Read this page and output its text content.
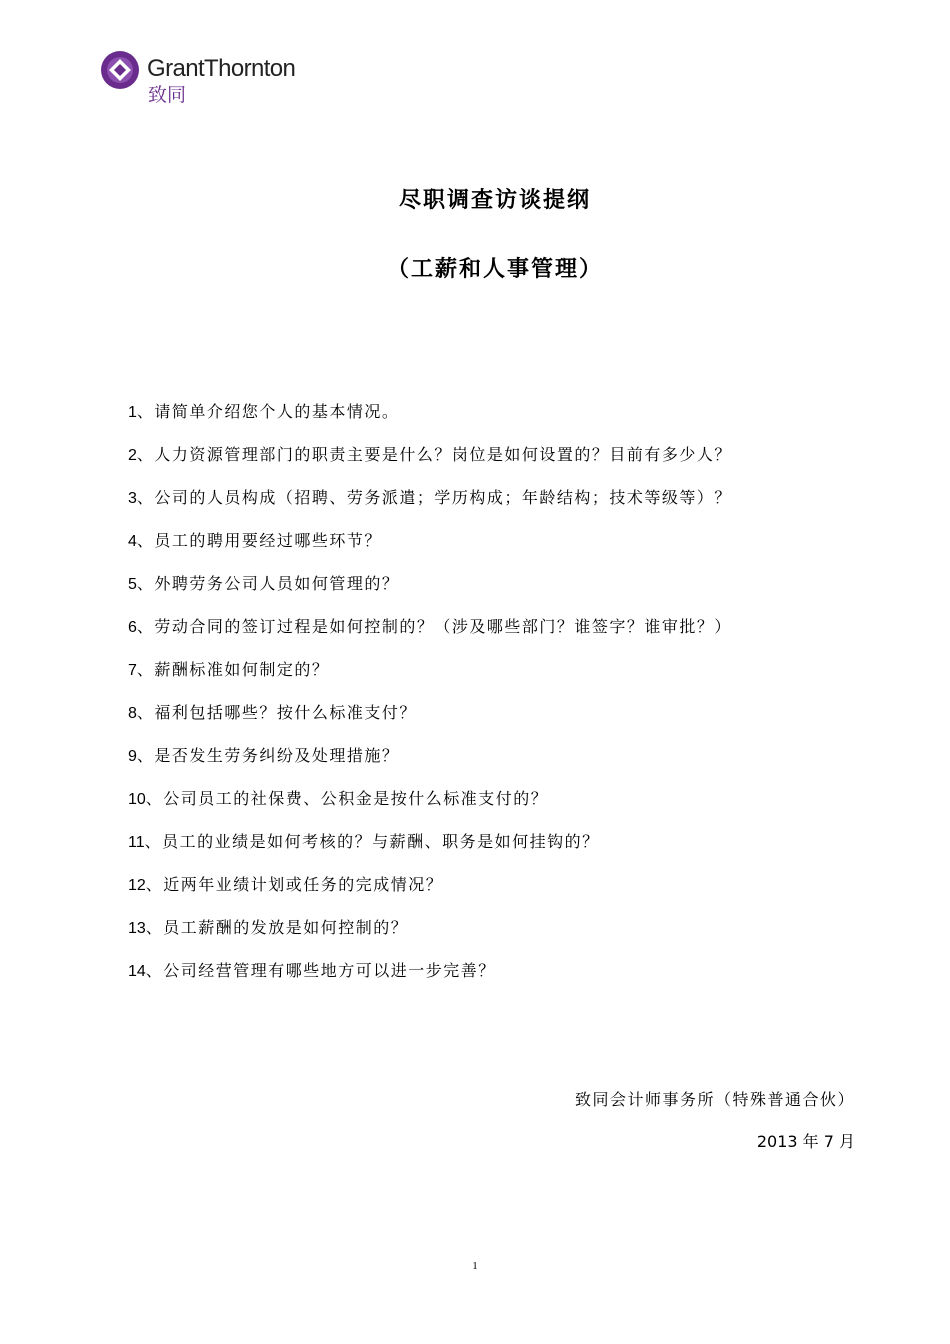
GrantThornton
致同
尽职调查访谈提纲
（工薪和人事管理）
1、请简单介绍您个人的基本情况。
2、人力资源管理部门的职责主要是什么？岗位是如何设置的？目前有多少人？
3、公司的人员构成（招聘、劳务派遣；学历构成；年龄结构；技术等级等）？
4、员工的聘用要经过哪些环节？
5、外聘劳务公司人员如何管理的？
6、劳动合同的签订过程是如何控制的？（涉及哪些部门？谁签字？谁审批？）
7、薪酬标准如何制定的？
8、福利包括哪些？按什么标准支付？
9、是否发生劳务纠纷及处理措施？
10、公司员工的社保费、公积金是按什么标准支付的？
11、员工的业绩是如何考核的？与薪酬、职务是如何挂钩的？
12、近两年业绩计划或任务的完成情况？
13、员工薪酬的发放是如何控制的？
14、公司经营管理有哪些地方可以进一步完善？
致同会计师事务所（特殊普通合伙）
2013 年 7 月
1
